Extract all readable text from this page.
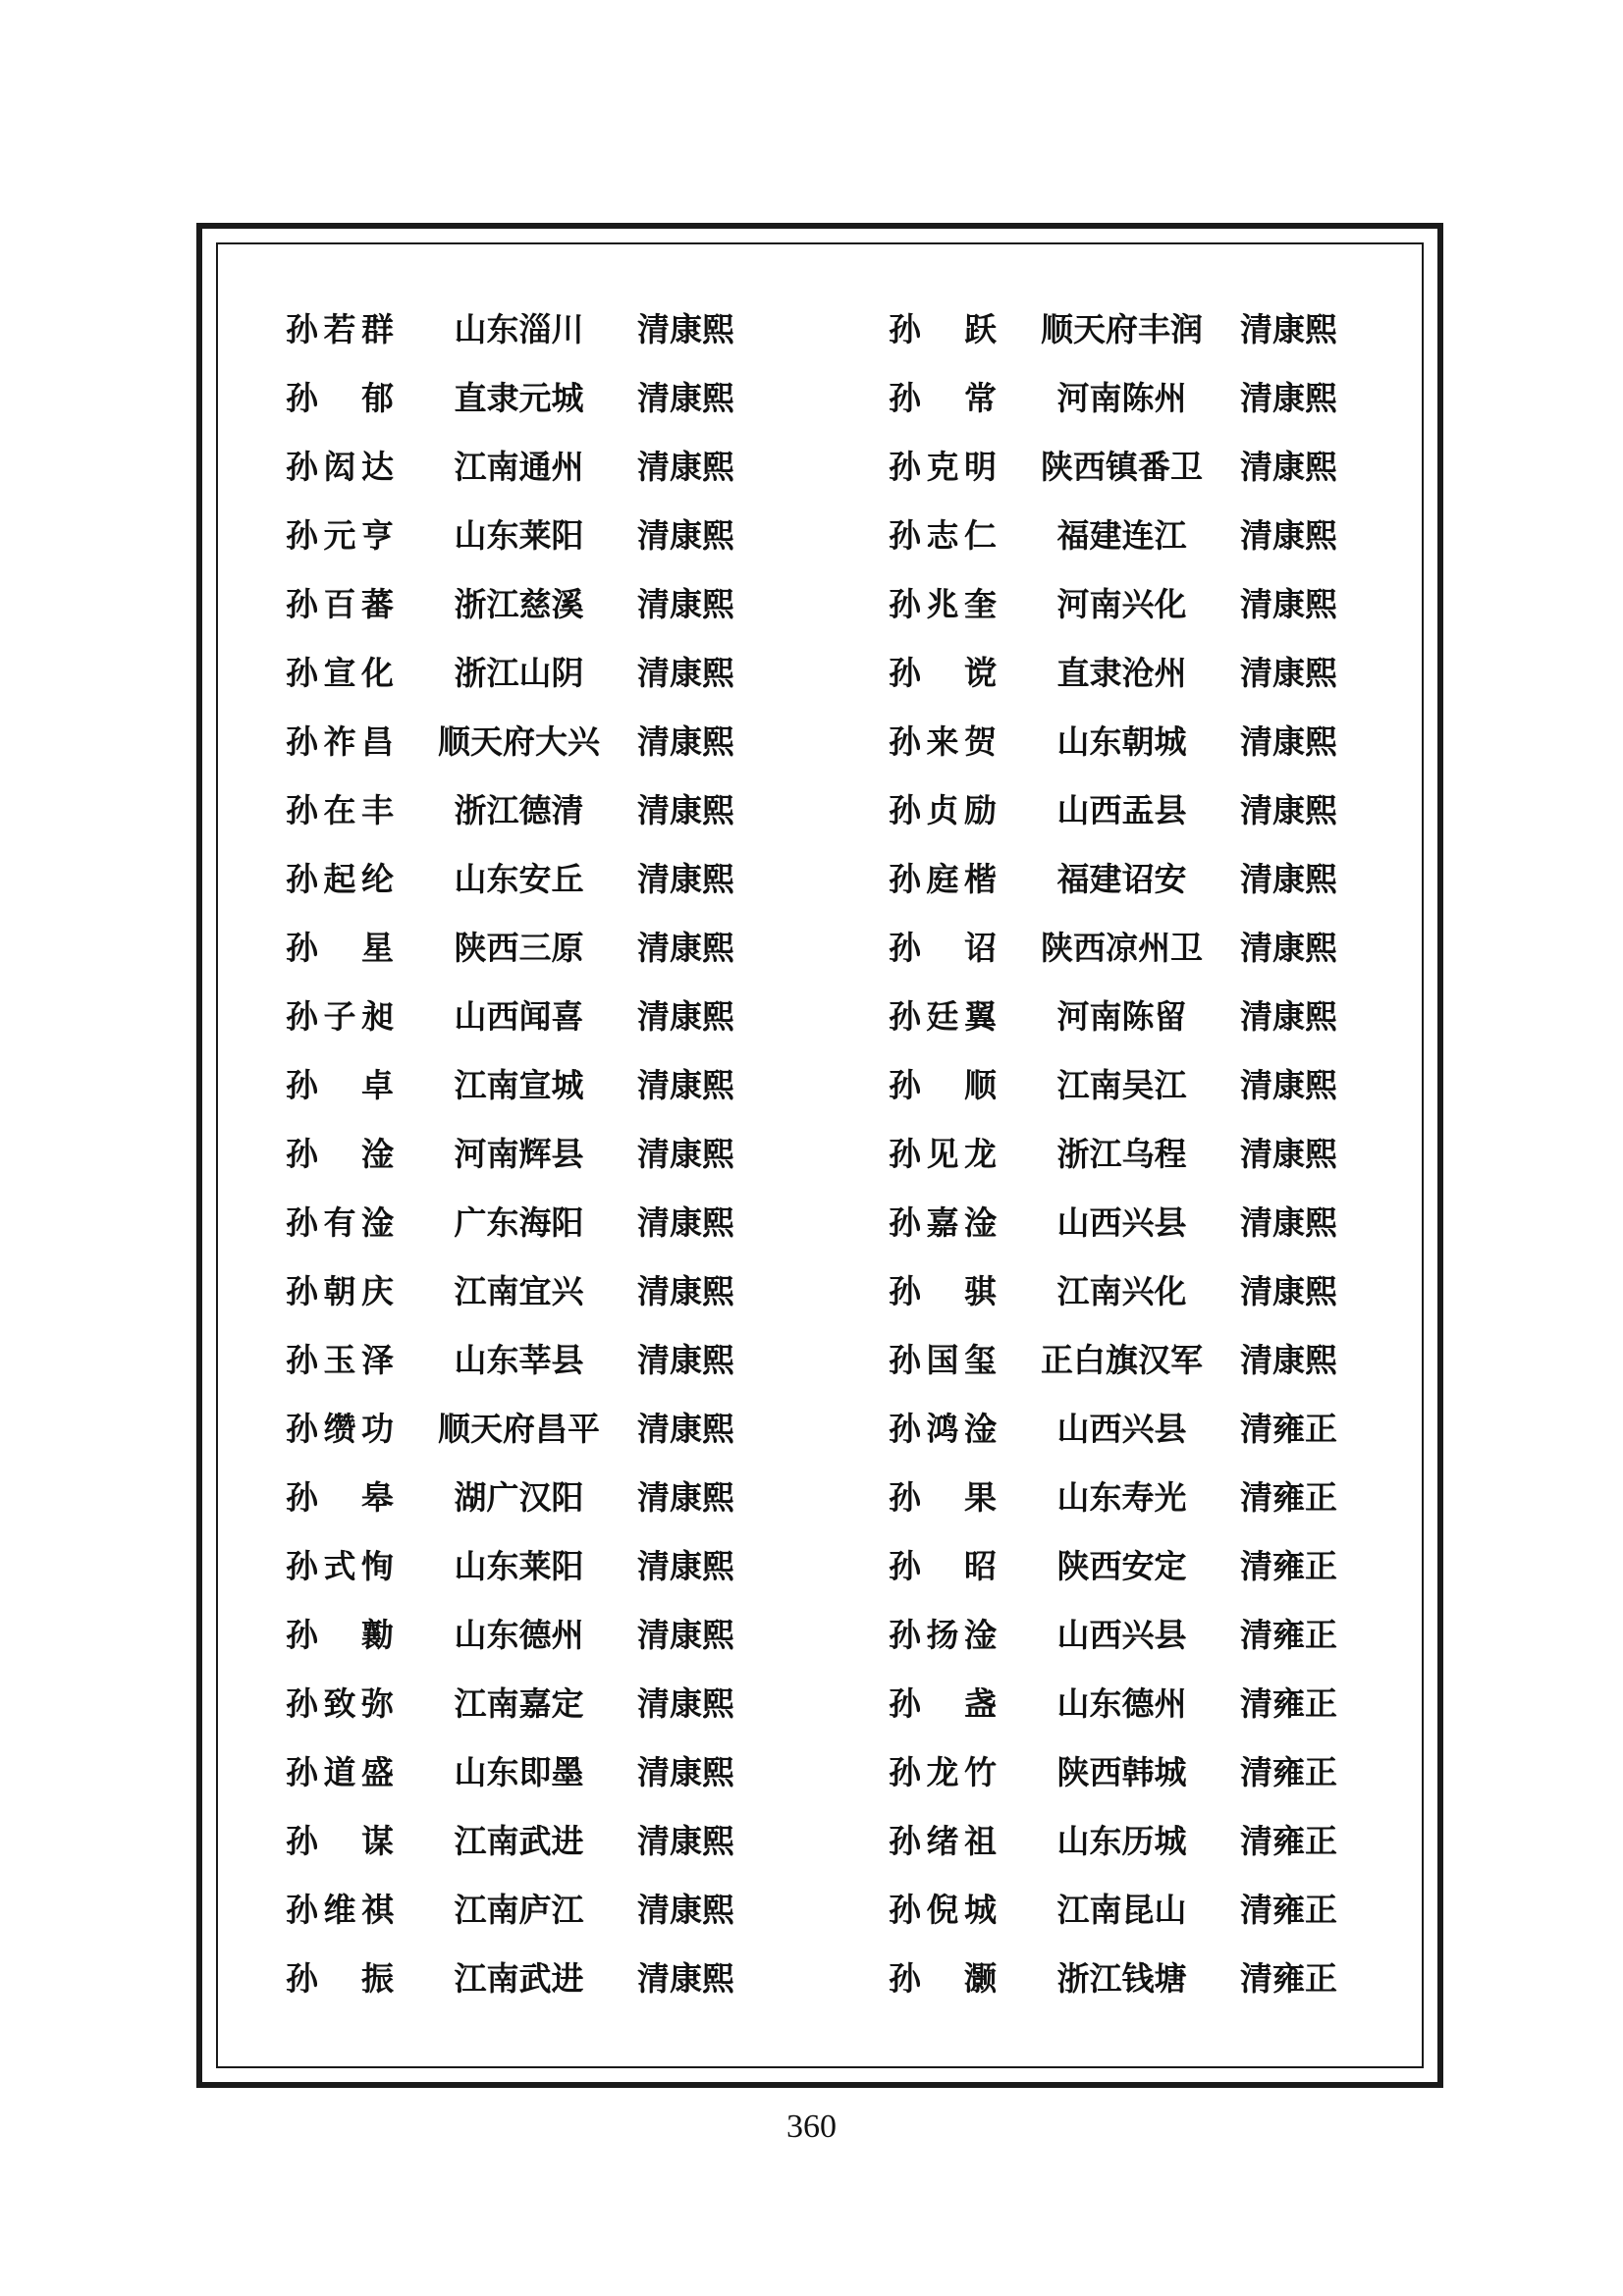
孙若群	山东淄川	清康熙
孙郁	直隶元城	清康熙
孙闳达	江南通州	清康熙
孙元亨	山东莱阳	清康熙
孙百蕃	浙江慈溪	清康熙
孙宣化	浙江山阴	清康熙
孙祚昌	顺天府大兴	清康熙
孙在丰	浙江德清	清康熙
孙起纶	山东安丘	清康熙
孙星	陕西三原	清康熙
孙子昶	山西闻喜	清康熙
孙卓	江南宣城	清康熙
孙淦	河南辉县	清康熙
孙有淦	广东海阳	清康熙
孙朝庆	江南宜兴	清康熙
孙玉泽	山东莘县	清康熙
孙缵功	顺天府昌平	清康熙
孙皋	湖广汉阳	清康熙
孙式恂	山东莱阳	清康熙
孙勷	山东德州	清康熙
孙致弥	江南嘉定	清康熙
孙道盛	山东即墨	清康熙
孙谋	江南武进	清康熙
孙维祺	江南庐江	清康熙
孙振	江南武进	清康熙
孙跃	顺天府丰润	清康熙
孙常	河南陈州	清康熙
孙克明	陕西镇番卫	清康熙
孙志仁	福建连江	清康熙
孙兆奎	河南兴化	清康熙
孙谠	直隶沧州	清康熙
孙来贺	山东朝城	清康熙
孙贞励	山西盂县	清康熙
孙庭楷	福建诏安	清康熙
孙诏	陕西凉州卫	清康熙
孙廷翼	河南陈留	清康熙
孙顺	江南吴江	清康熙
孙见龙	浙江乌程	清康熙
孙嘉淦	山西兴县	清康熙
孙骐	江南兴化	清康熙
孙国玺	正白旗汉军	清康熙
孙鸿淦	山西兴县	清雍正
孙果	山东寿光	清雍正
孙昭	陕西安定	清雍正
孙扬淦	山西兴县	清雍正
孙盏	山东德州	清雍正
孙龙竹	陕西韩城	清雍正
孙绪祖	山东历城	清雍正
孙倪城	江南昆山	清雍正
孙灏	浙江钱塘	清雍正
360
